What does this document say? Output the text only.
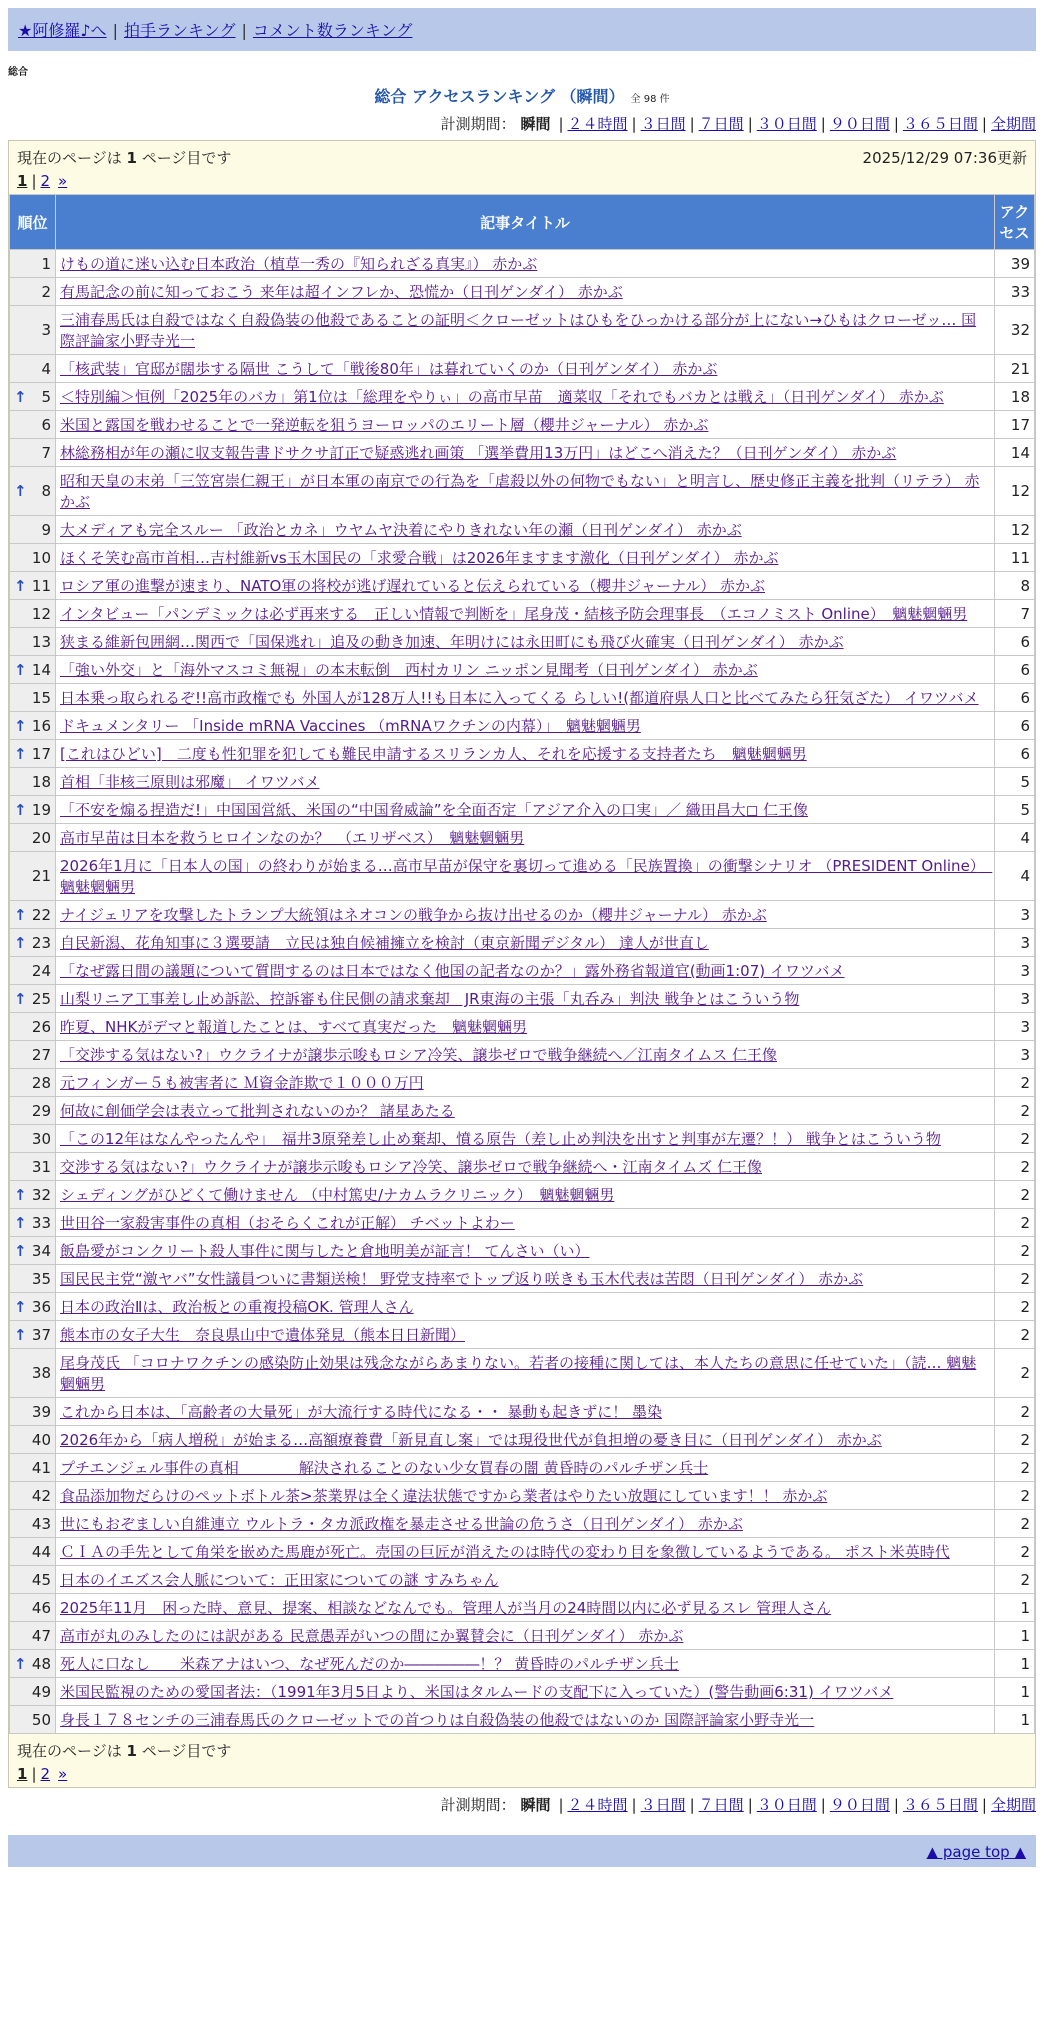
★阿修羅♪へ | 拍手ランキング | コメント数ランキング
総合
総合 アクセスランキング （瞬間） 全 98 件
計測期間： 瞬間 | ２４時間 | ３日間 | ７日間 | ３０日間 | ９０日間 | ３６５日間 | 全期間
現在のページは 1 ページ目です	2025/12/29 07:36更新
1 | 2 »
順位	記事タイトル	アクセス
1	けもの道に迷い込む日本政治（植草一秀の『知られざる真実』） 赤かぶ	39
2	有馬記念の前に知っておこう 来年は超インフレか、恐慌か（日刊ゲンダイ） 赤かぶ	33
3	三浦春馬氏は自殺ではなく自殺偽装の他殺であることの証明＜クローゼットはひもをひっかける部分が上にない→ひもはクローゼッ… 国際評論家小野寺光一	32
4	「核武装」官邸が闊歩する隔世 こうして「戦後80年」は暮れていくのか（日刊ゲンダイ） 赤かぶ	21

↑ 5	＜特別編＞恒例「2025年のバカ」第1位は「総理をやりぃ」の高市早苗　適菜収「それでもバカとは戦え」（日刊ゲンダイ） 赤かぶ	18
6	米国と露国を戦わせることで一発逆転を狙うヨーロッパのエリート層（櫻井ジャーナル） 赤かぶ	17
7	林総務相が年の瀬に収支報告書ドサクサ訂正で疑惑逃れ画策 「選挙費用13万円」はどこへ消えた？（日刊ゲンダイ） 赤かぶ	14

↑ 8	昭和天皇の末弟「三笠宮崇仁親王」が日本軍の南京での行為を「虐殺以外の何物でもない」と明言し、歴史修正主義を批判（リテラ） 赤かぶ	12
9	大メディアも完全スルー 「政治とカネ」ウヤムヤ決着にやりきれない年の瀬（日刊ゲンダイ） 赤かぶ	12
10	ほくそ笑む高市首相…吉村維新vs玉木国民の「求愛合戦」は2026年ますます激化（日刊ゲンダイ） 赤かぶ	11

↑ 11	ロシア軍の進撃が速まり、NATO軍の将校が逃げ遅れていると伝えられている（櫻井ジャーナル） 赤かぶ	8
12	インタビュー「パンデミックは必ず再来する　正しい情報で判断を」尾身茂・結核予防会理事長　（エコノミスト Online）　魑魅魍魎男	7
13	狭まる維新包囲網…関西で「国保逃れ」追及の動き加速、年明けには永田町にも飛び火確実（日刊ゲンダイ） 赤かぶ	6

↑ 14	「強い外交」と「海外マスコミ無視」の本末転倒　西村カリン ニッポン見聞考（日刊ゲンダイ） 赤かぶ	6
15	日本乗っ取られるぞ!!高市政権でも 外国人が128万人!!も日本に入ってくる らしい!(都道府県人口と比べてみたら狂気ざた） イワツバメ	6

↑ 16	ドキュメンタリー 「Inside mRNA Vaccines （mRNAワクチンの内幕）」　魑魅魍魎男	6

↑ 17	[これはひどい]　二度も性犯罪を犯しても難民申請するスリランカ人、それを応援する支持者たち　魑魅魍魎男	6
18	首相「非核三原則は邪魔」 イワツバメ	5

↑ 19	「不安を煽る捏造だ!」中国国営紙、米国の“中国脅威論”を全面否定「アジア介入の口実」／ 織田昌大◻︎ 仁王像	5
20	高市早苗は日本を救うヒロインなのか？　（エリザベス）　魑魅魍魎男	4
21	2026年1月に「日本人の国」の終わりが始まる…高市早苗が保守を裏切って進める「民族置換」の衝撃シナリオ （PRESIDENT Online）　魑魅魍魎男	4

↑ 22	ナイジェリアを攻撃したトランプ大統領はネオコンの戦争から抜け出せるのか（櫻井ジャーナル） 赤かぶ	3

↑ 23	自民新潟、花角知事に３選要請　立民は独自候補擁立を検討（東京新聞デジタル） 達人が世直し	3
24	「なぜ露日間の議題について質問するのは日本ではなく他国の記者なのか？」露外務省報道官(動画1:07) イワツバメ	3

↑ 25	山梨リニア工事差し止め訴訟、控訴審も住民側の請求棄却　JR東海の主張「丸呑み」判決 戦争とはこういう物	3
26	昨夏、NHKがデマと報道したことは、すべて真実だった　魑魅魍魎男	3
27	「交渉する気はない?」ウクライナが譲歩示唆もロシア冷笑、譲歩ゼロで戦争継続へ／江南タイムス 仁王像	3
28	元フィンガー５も被害者に Ｍ資金詐欺で１０００万円	2
29	何故に創価学会は表立って批判されないのか？ 諸星あたる	2
30	「この12年はなんやったんや」　福井3原発差し止め棄却、憤る原告（差し止め判決を出すと判事が左遷？！） 戦争とはこういう物	2
31	交渉する気はない?」ウクライナが譲歩示唆もロシア冷笑、譲歩ゼロで戦争継続へ・江南タイムズ 仁王像	2

↑ 32	シェディングがひどくて働けません （中村篤史/ナカムラクリニック）　魑魅魍魎男	2

↑ 33	世田谷一家殺害事件の真相（おそらくこれが正解） チベットよわー	2

↑ 34	飯島愛がコンクリート殺人事件に関与したと倉地明美が証言！ てんさい（い）	2
35	国民民主党“激ヤバ”女性議員ついに書類送検！ 野党支持率でトップ返り咲きも玉木代表は苦悶（日刊ゲンダイ） 赤かぶ	2

↑ 36	日本の政治Ⅱは、政治板との重複投稿OK. 管理人さん	2

↑ 37	熊本市の女子大生　奈良県山中で遺体発見（熊本日日新聞）	2
38	尾身茂氏 「コロナワクチンの感染防止効果は残念ながらあまりない。若者の接種に関しては、本人たちの意思に任せていた」（読… 魑魅魍魎男	2
39	これから日本は、「高齢者の大量死」が大流行する時代になる・・ 暴動も起きずに！ 墨染	2
40	2026年から「病人増税」が始まる…高額療養費「新見直し案」では現役世代が負担増の憂き目に（日刊ゲンダイ） 赤かぶ	2
41	プチエンジェル事件の真相　　　　解決されることのない少女買春の闇 黄昏時のパルチザン兵士	2
42	食品添加物だらけのペットボトル茶>茶業界は全く違法状態ですから業者はやりたい放題にしています！！ 赤かぶ	2
43	世にもおぞましい自維連立 ウルトラ・タカ派政権を暴走させる世論の危うさ（日刊ゲンダイ） 赤かぶ	2
44	ＣＩＡの手先として角栄を嵌めた馬鹿が死亡。売国の巨匠が消えたのは時代の変わり目を象徴しているようである。 ポスト米英時代	2
45	日本のイエズス会人脈について：正田家についての謎 すみちゃん	2
46	2025年11月　困った時、意見、提案、相談などなんでも。管理人が当月の24時間以内に必ず見るスレ 管理人さん	1
47	高市が丸のみしたのには訳がある 民意愚弄がいつの間にか翼賛会に（日刊ゲンダイ） 赤かぶ	1

↑ 48	死人に口なし　　米森アナはいつ、なぜ死んだのか―――――！？ 黄昏時のパルチザン兵士	1
49	米国民監視のための愛国者法：（1991年3月5日より、米国はタルムードの支配下に入っていた）(警告動画6:31) イワツバメ	1
50	身長１７８センチの三浦春馬氏のクローゼットでの首つりは自殺偽装の他殺ではないのか 国際評論家小野寺光一	1
現在のページは 1 ページ目です
1 | 2 »
計測期間： 瞬間 | ２４時間 | ３日間 | ７日間 | ３０日間 | ９０日間 | ３６５日間 | 全期間
▲ page top ▲
